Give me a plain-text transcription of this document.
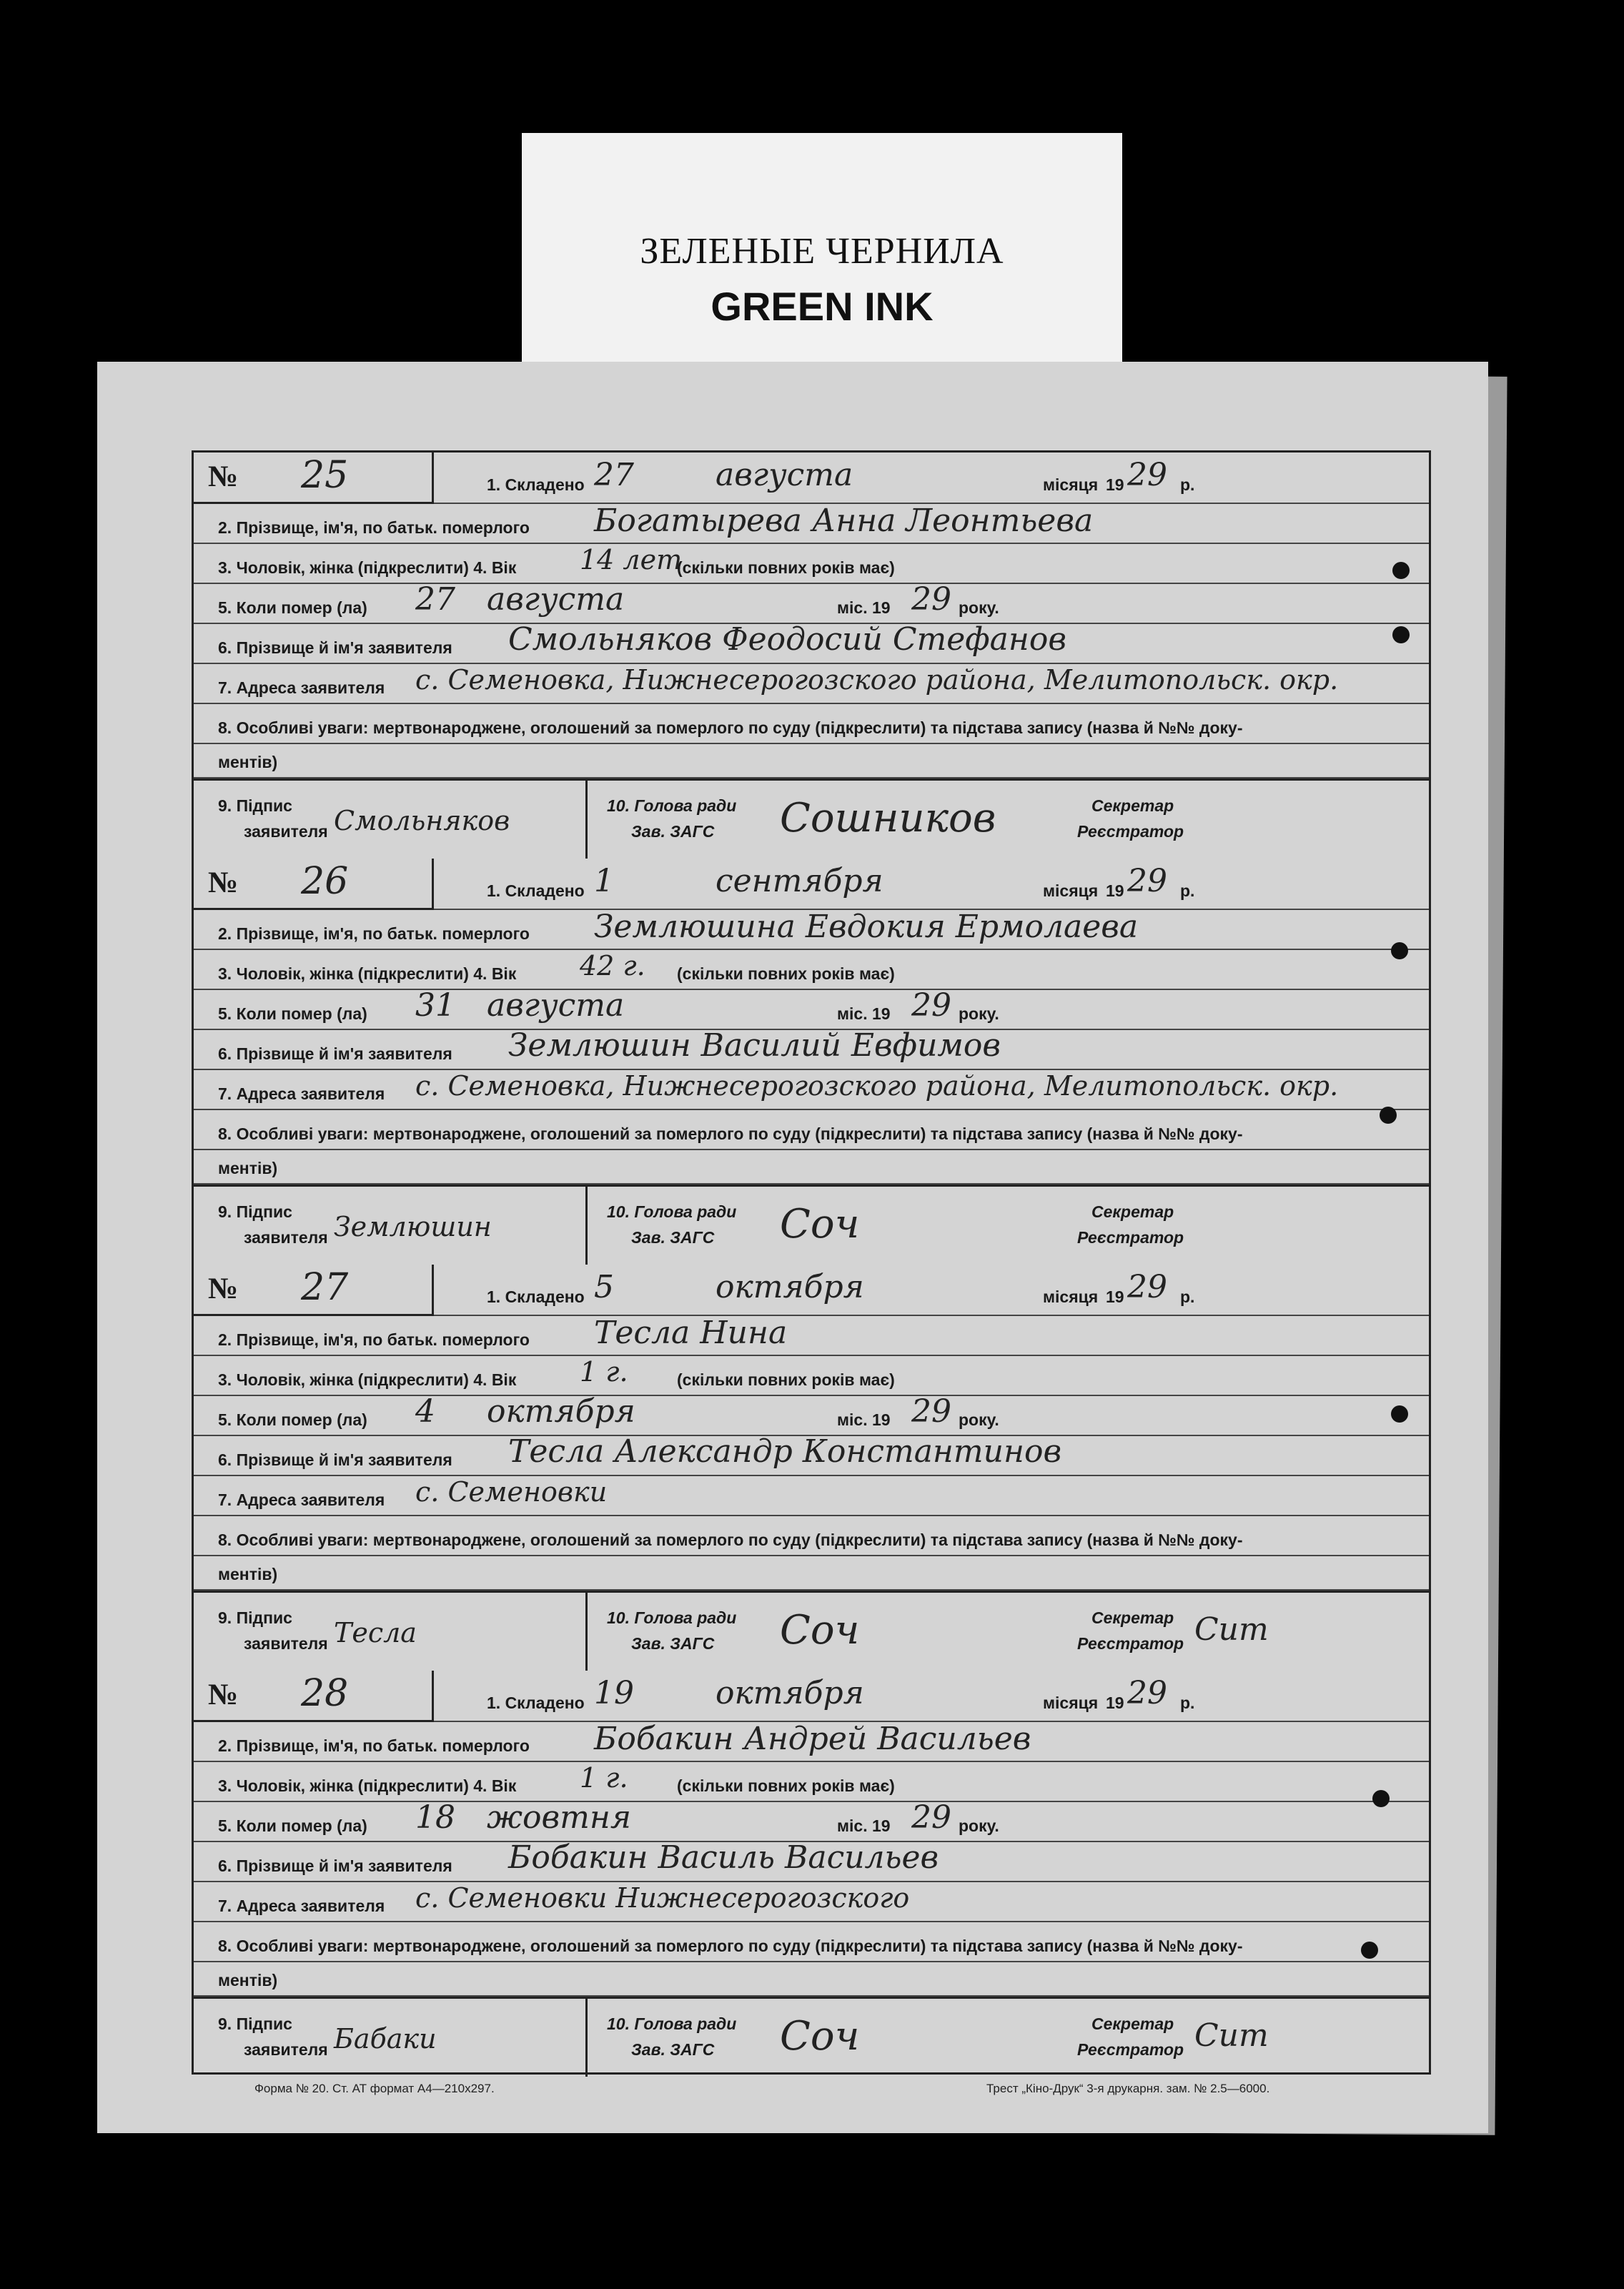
ЗЕЛЕНЫЕ ЧЕРНИЛА
GREEN INK
№ 25	1. Складено 27	августа	місяця 19 29 р.
2. Прізвище, ім'я, по батьк. померлого Богатырева Анна Леонтьева
3. Чоловік, жінка (підкреслити) 4. Вік 14 лет
(скільки повних років має)
5. Коли помер (ла) 27 августа	міс. 19 29 року.
6. Прізвище й ім'я заявителя Смольняков Феодосий Стефанов
7. Адреса заявителя с. Семеновка, Нижнесерогозского района, Мелитопольск. окр.
8. Особливі уваги: мертвонароджене, оголошений за померлого по суду (підкреслити) та підстава запису (назва й №№ доку-
ментів)
9. Підпис
заявителя Смольняков	10. Голова ради
Зав. ЗАГС Сошников	Секретар
Реєстратор
№ 26	1. Складено 1	сентября	місяця 19 29 р.
2. Прізвище, ім'я, по батьк. померлого Землюшина Евдокия Ермолаева
3. Чоловік, жінка (підкреслити) 4. Вік 42 г. (скільки повних років має)
5. Коли помер (ла) 31 августа	міс. 19 29 року.
6. Прізвище й ім'я заявителя Землюшин Василий Евфимов
7. Адреса заявителя с. Семеновка, Нижнесерогозского района, Мелитопольск. окр.
8. Особливі уваги: мертвонароджене, оголошений за померлого по суду (підкреслити) та підстава запису (назва й №№ доку-
ментів)
9. Підпис
заявителя Землюшин	10. Голова ради
Зав. ЗАГС Соч	Секретар
Реєстратор
№ 27	1. Складено 5	октября	місяця 19 29 р.
2. Прізвище, ім'я, по батьк. померлого Тесла Нина
3. Чоловік, жінка (підкреслити) 4. Вік 1 г.	(скільки повних років має)
5. Коли помер (ла) 4 октября	міс. 19 29 року.
6. Прізвище й ім'я заявителя Тесла Александр Константинов
7. Адреса заявителя с. Семеновки
8. Особливі уваги: мертвонароджене, оголошений за померлого по суду (підкреслити) та підстава запису (назва й №№ доку-
ментів)
9. Підпис
заявителя Тесла	10. Голова ради
Зав. ЗАГС Соч	Секретар
Реєстратор Сит
№ 28	1. Складено 19	октября	місяця 19 29 р.
2. Прізвище, ім'я, по батьк. померлого Бобакин Андрей Васильев
3. Чоловік, жінка (підкреслити) 4. Вік 1 г.	(скільки повних років має)
5. Коли помер (ла) 18 жовтня	міс. 19 29 року.
6. Прізвище й ім'я заявителя Бобакин Василь Васильев
7. Адреса заявителя с. Семеновки Нижнесерогозского
8. Особливі уваги: мертвонароджене, оголошений за померлого по суду (підкреслити) та підстава запису (назва й №№ доку-
ментів)
9. Підпис
заявителя Бабаки	10. Голова ради
Зав. ЗАГС Соч	Секретар
Реєстратор Сит
Форма № 20. Ст. АТ формат А4—210x297.	Трест „Кіно-Друк“ 3-я друкарня. зам. № 2.5—6000.
